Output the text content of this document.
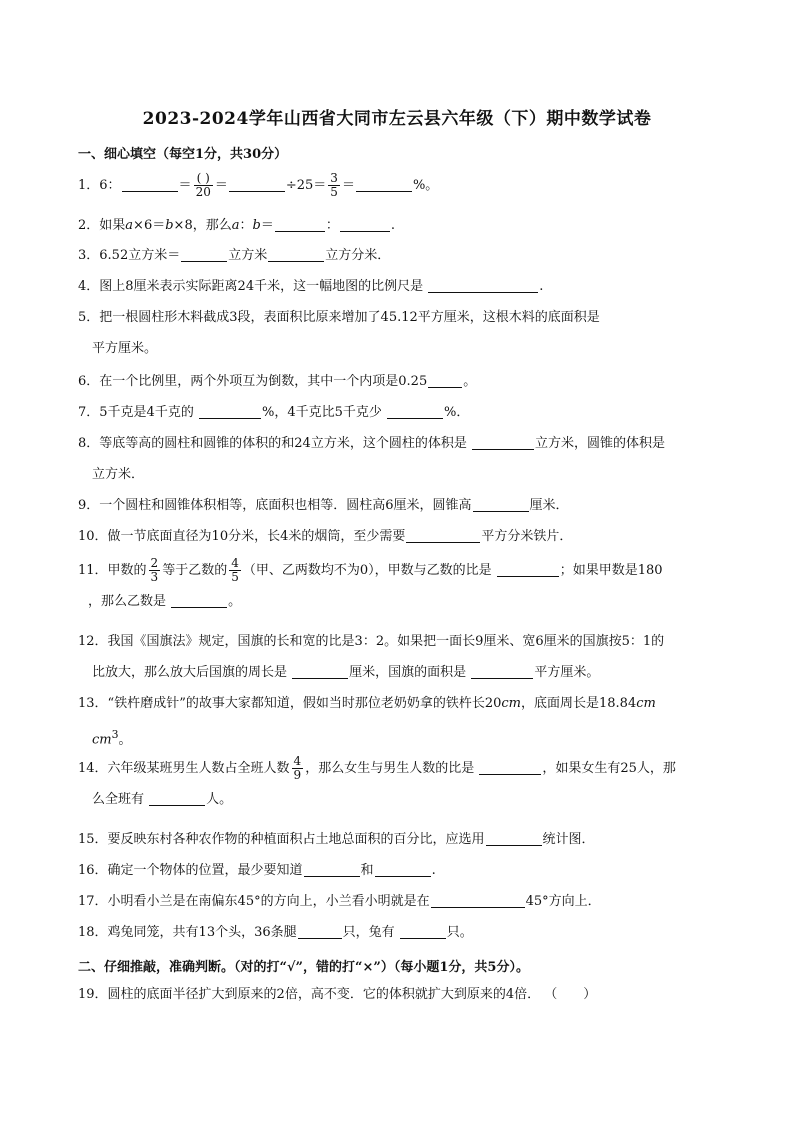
2023-2024学年山西省大同市左云县六年级（下）期中数学试卷
一、细心填空（每空1分，共30分）
1．6：	＝ $\frac{( )}{20}$ ＝	$\div 25= \frac{3}{5}$ ＝	%。
2．如果a×6＝b×8，那么a：b＝	：	.
3．6.52立方米＝	立方米	立方分米．
4．图上8厘米表示实际距离24千米，这一幅地图的比例尺是	.
5．把一根圆柱形木料截成3段，表面积比原来增加了45.12平方厘米，这根木料的底面积是
平方厘米。
6．在一个比例里，两个外项互为倒数，其中一个内项是0.25	。
7．5千克是4千克的	%，4千克比5千克少	%．
8．等底等高的圆柱和圆锥的体积的和24立方米，这个圆柱的体积是	立方米，圆锥的体积是
立方米．
9．一个圆柱和圆锥体积相等，底面积也相等．圆柱高6厘米，圆锥高	厘米．
10．做一节底面直径为10分米，长4米的烟筒，至少需要	平方分米铁片．
11．甲数的 $\frac{2}{3}$ 等于乙数的 $\frac{4}{5}$ （甲、乙两数均不为0），甲数与乙数的比是	；如果甲数是180
，那么乙数是	。
12．我国《国旗法》规定，国旗的长和宽的比是3：2。如果把一面长9厘米、宽6厘米的国旗按5：1的
比放大，那么放大后国旗的周长是	厘米，国旗的面积是	平方厘米。
13．“铁杵磨成针”的故事大家都知道，假如当时那位老奶奶拿的铁杵长20cm，底面周长是18.84cm
$cm^3$。
14．六年级某班男生人数占全班人数 $\frac{4}{9}$ ，那么女生与男生人数的比是	，如果女生有25人，那
么全班有	人。
15．要反映东村各种农作物的种植面积占土地总面积的百分比，应选用	统计图．
16．确定一个物体的位置，最少要知道	和	.
17．小明看小兰是在南偏东45°的方向上，小兰看小明就是在	45°方向上．
18．鸡兔同笼，共有13个头，36条腿	只，兔有	只。
二、仔细推敲，准确判断。（对的打“√”，错的打“×”）（每小题1分，共5分）。
19．圆柱的底面半径扩大到原来的2倍，高不变．它的体积就扩大到原来的4倍． （　　）
